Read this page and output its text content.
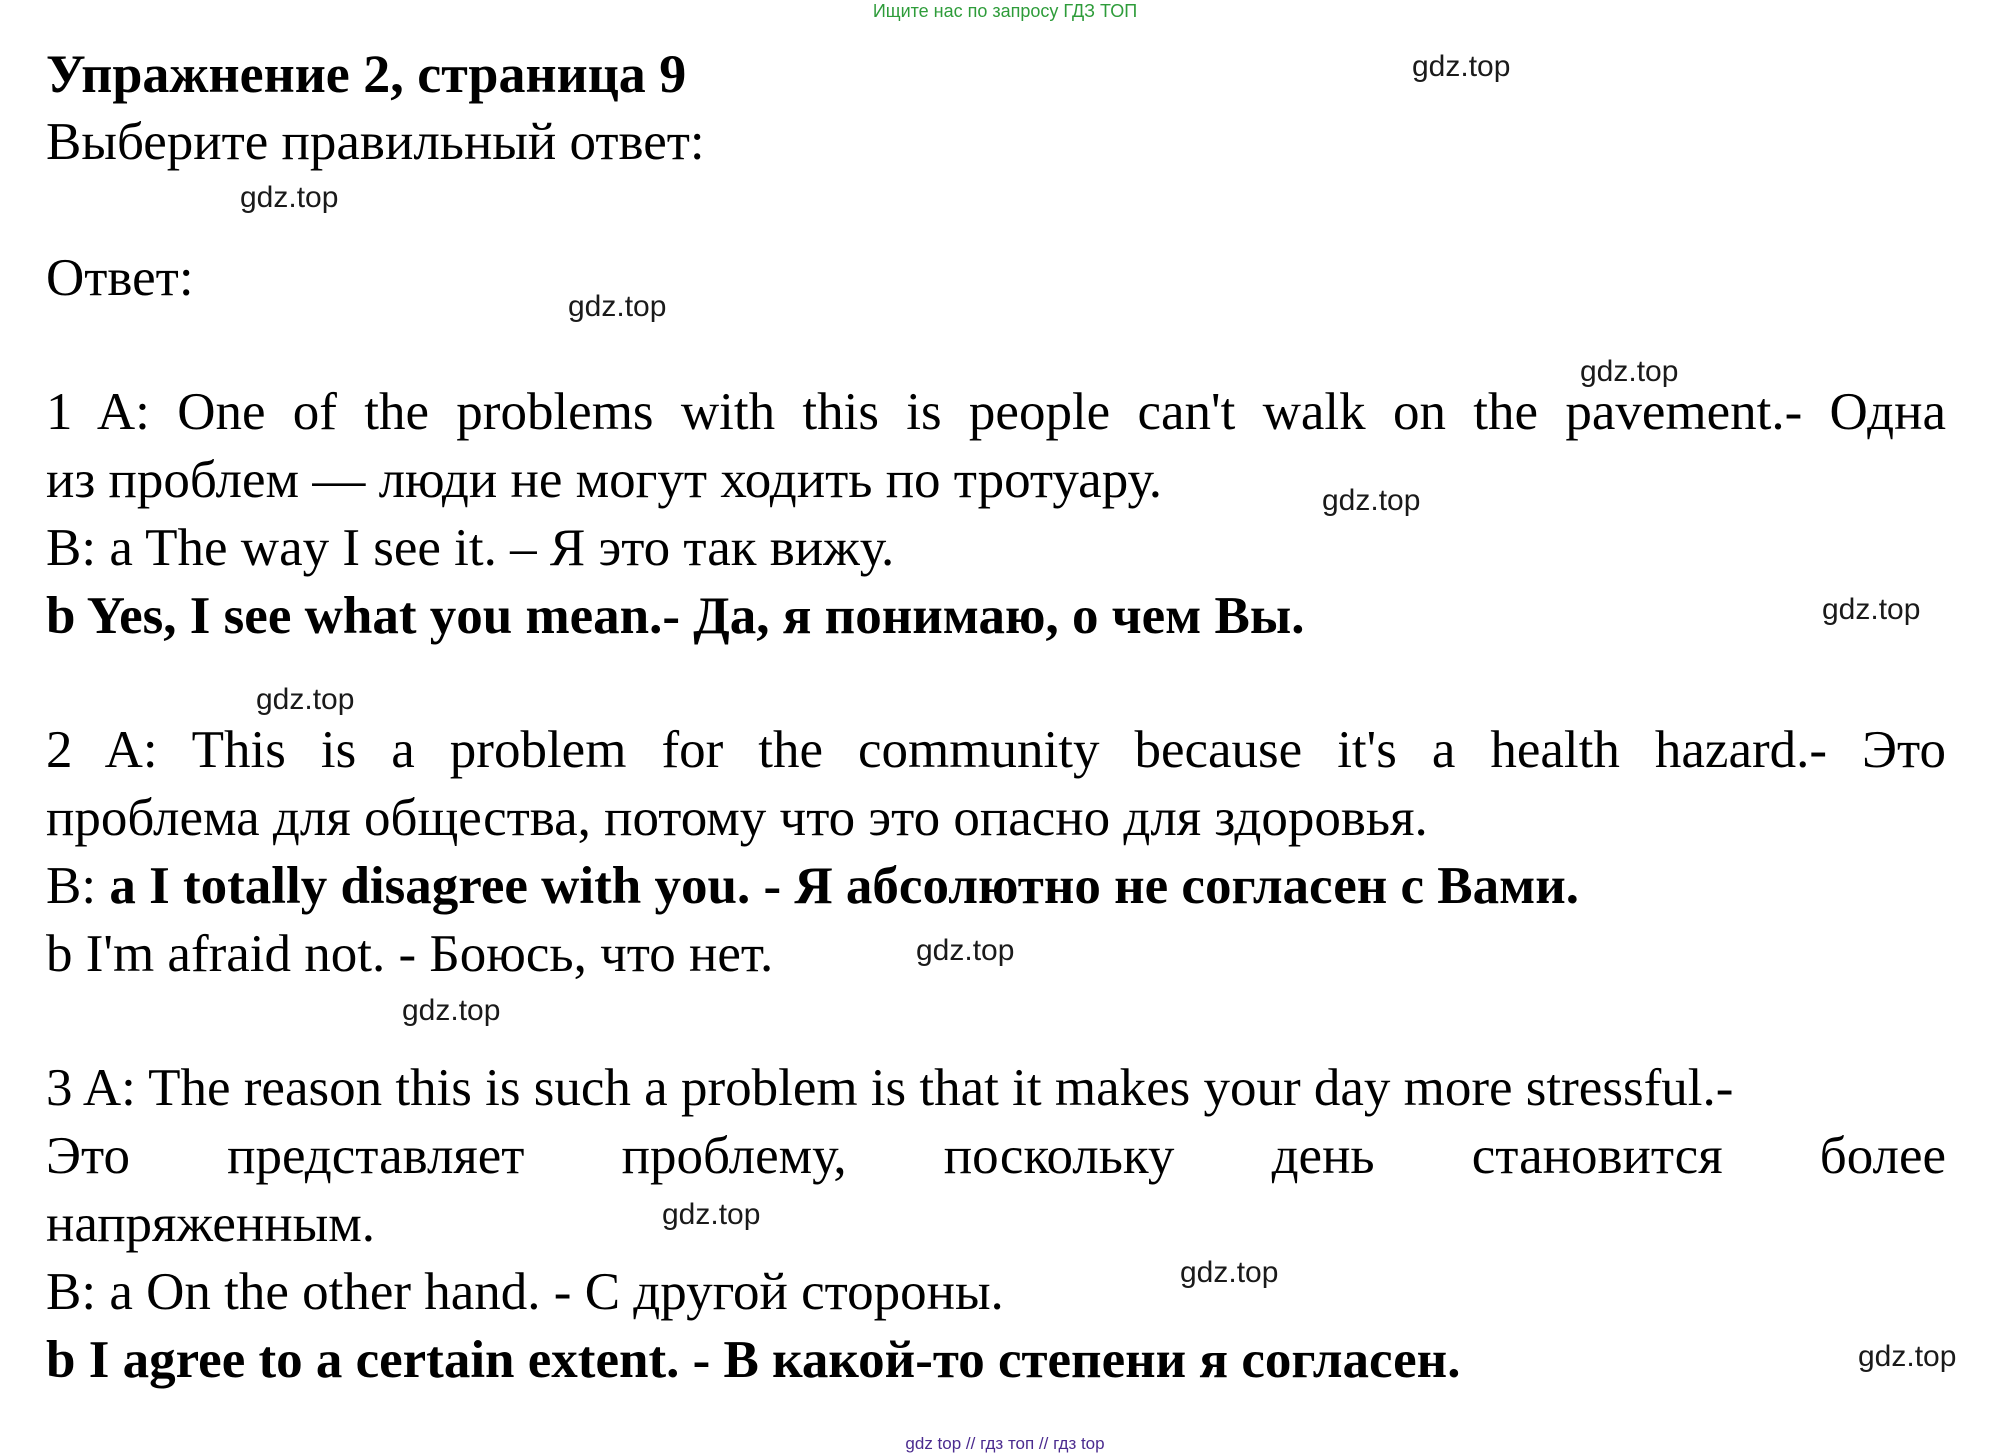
Ищите нас по запросу ГДЗ ТОП
Упражнение 2, страница 9
Выберите правильный ответ:
Ответ:
1 A: One of the problems with this is people can't walk on the pavement.- Одна
из проблем — люди не могут ходить по тротуару.
B: a The way I see it. – Я это так вижу.
b Yes, I see what you mean.- Да, я понимаю, о чем Вы.
2 A: This is a problem for the community because it's a health hazard.- Это
проблема для общества, потому что это опасно для здоровья.
B: a I totally disagree with you. - Я абсолютно не согласен с Вами.
b I'm afraid not. - Боюсь, что нет.
3 A: The reason this is such a problem is that it makes your day more stressful.-
Это представляет проблему, поскольку день становится более
напряженным.
B: a On the other hand. - С другой стороны.
b I agree to a certain extent. - В какой-то степени я согласен.
gdz.top
gdz.top
gdz.top
gdz.top
gdz.top
gdz.top
gdz.top
gdz.top
gdz.top
gdz.top
gdz.top
gdz.top
gdz top // гдз топ // гдз top
